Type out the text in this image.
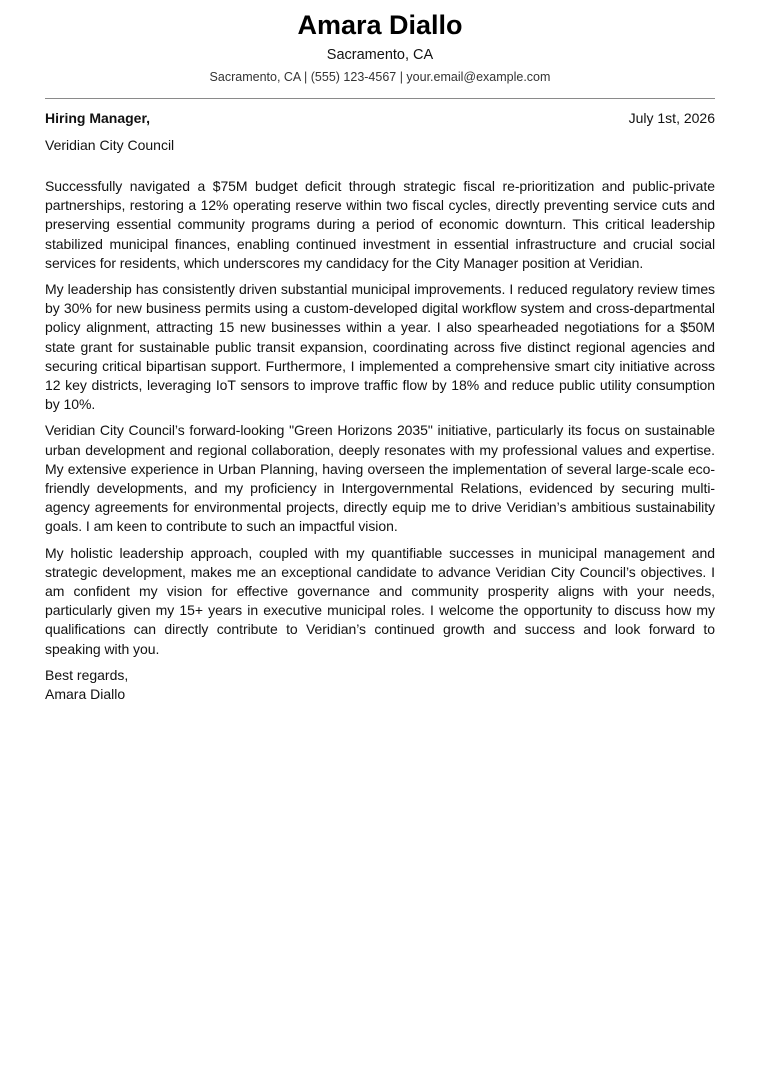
Amara Diallo
Sacramento, CA
Sacramento, CA | (555) 123-4567 | your.email@example.com
Hiring Manager,	July 1st, 2026
Veridian City Council

Successfully navigated a $75M budget deficit through strategic fiscal re-prioritization and public-private partnerships, restoring a 12% operating reserve within two fiscal cycles, directly preventing service cuts and preserving essential community programs during a period of economic downturn. This critical leadership stabilized municipal finances, enabling continued investment in essential infrastructure and crucial social services for residents, which underscores my candidacy for the City Manager position at Veridian.

My leadership has consistently driven substantial municipal improvements. I reduced regulatory review times by 30% for new business permits using a custom-developed digital workflow system and cross-departmental policy alignment, attracting 15 new businesses within a year. I also spearheaded negotiations for a $50M state grant for sustainable public transit expansion, coordinating across five distinct regional agencies and securing critical bipartisan support. Furthermore, I implemented a comprehensive smart city initiative across 12 key districts, leveraging IoT sensors to improve traffic flow by 18% and reduce public utility consumption by 10%.

Veridian City Council’s forward-looking "Green Horizons 2035" initiative, particularly its focus on sustainable urban development and regional collaboration, deeply resonates with my professional values and expertise. My extensive experience in Urban Planning, having overseen the implementation of several large-scale eco-friendly developments, and my proficiency in Intergovernmental Relations, evidenced by securing multi-agency agreements for environmental projects, directly equip me to drive Veridian’s ambitious sustainability goals. I am keen to contribute to such an impactful vision.

My holistic leadership approach, coupled with my quantifiable successes in municipal management and strategic development, makes me an exceptional candidate to advance Veridian City Council’s objectives. I am confident my vision for effective governance and community prosperity aligns with your needs, particularly given my 15+ years in executive municipal roles. I welcome the opportunity to discuss how my qualifications can directly contribute to Veridian’s continued growth and success and look forward to speaking with you.

Best regards,
Amara Diallo
